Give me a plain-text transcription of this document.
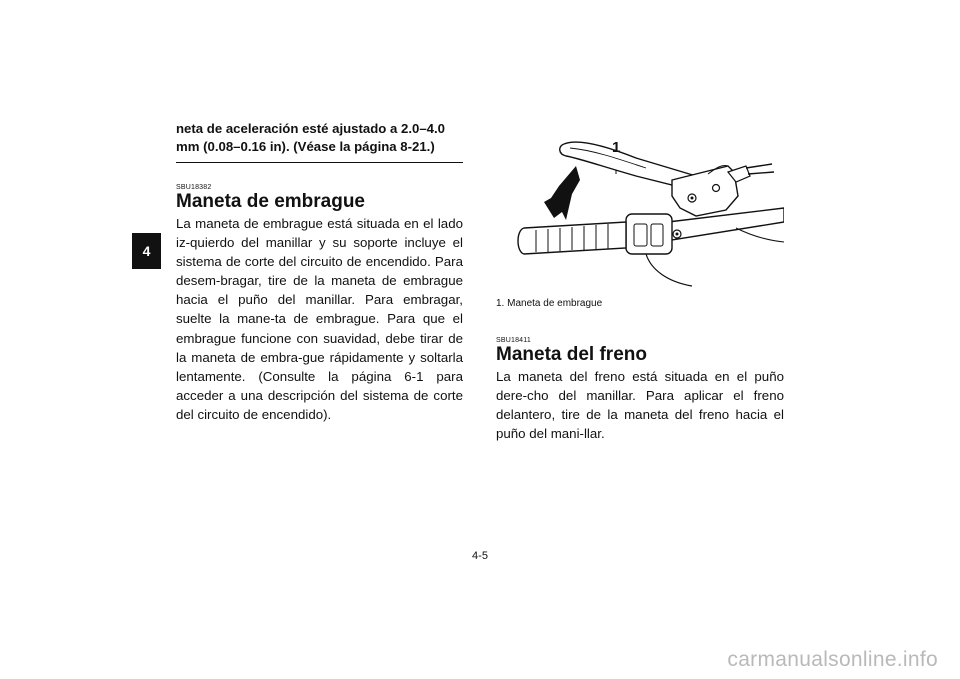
4

neta de aceleración esté ajustado a 2.0–4.0 mm (0.08–0.16 in). (Véase la página 8-21.)

SBU18382

Maneta de embrague

La maneta de embrague está situada en el lado iz-quierdo del manillar y su soporte incluye el sistema de corte del circuito de encendido. Para desem-bragar, tire de la maneta de embrague hacia el puño del manillar. Para embragar, suelte la mane-ta de embrague. Para que el embrague funcione con suavidad, debe tirar de la maneta de embra-gue rápidamente y soltarla lentamente. (Consulte la página 6-1 para acceder a una descripción del sistema de corte del circuito de encendido).

1

1. Maneta de embrague

SBU18411

Maneta del freno

La maneta del freno está situada en el puño dere-cho del manillar. Para aplicar el freno delantero, tire de la maneta del freno hacia el puño del mani-llar.

4-5
carmanualsonline.info
